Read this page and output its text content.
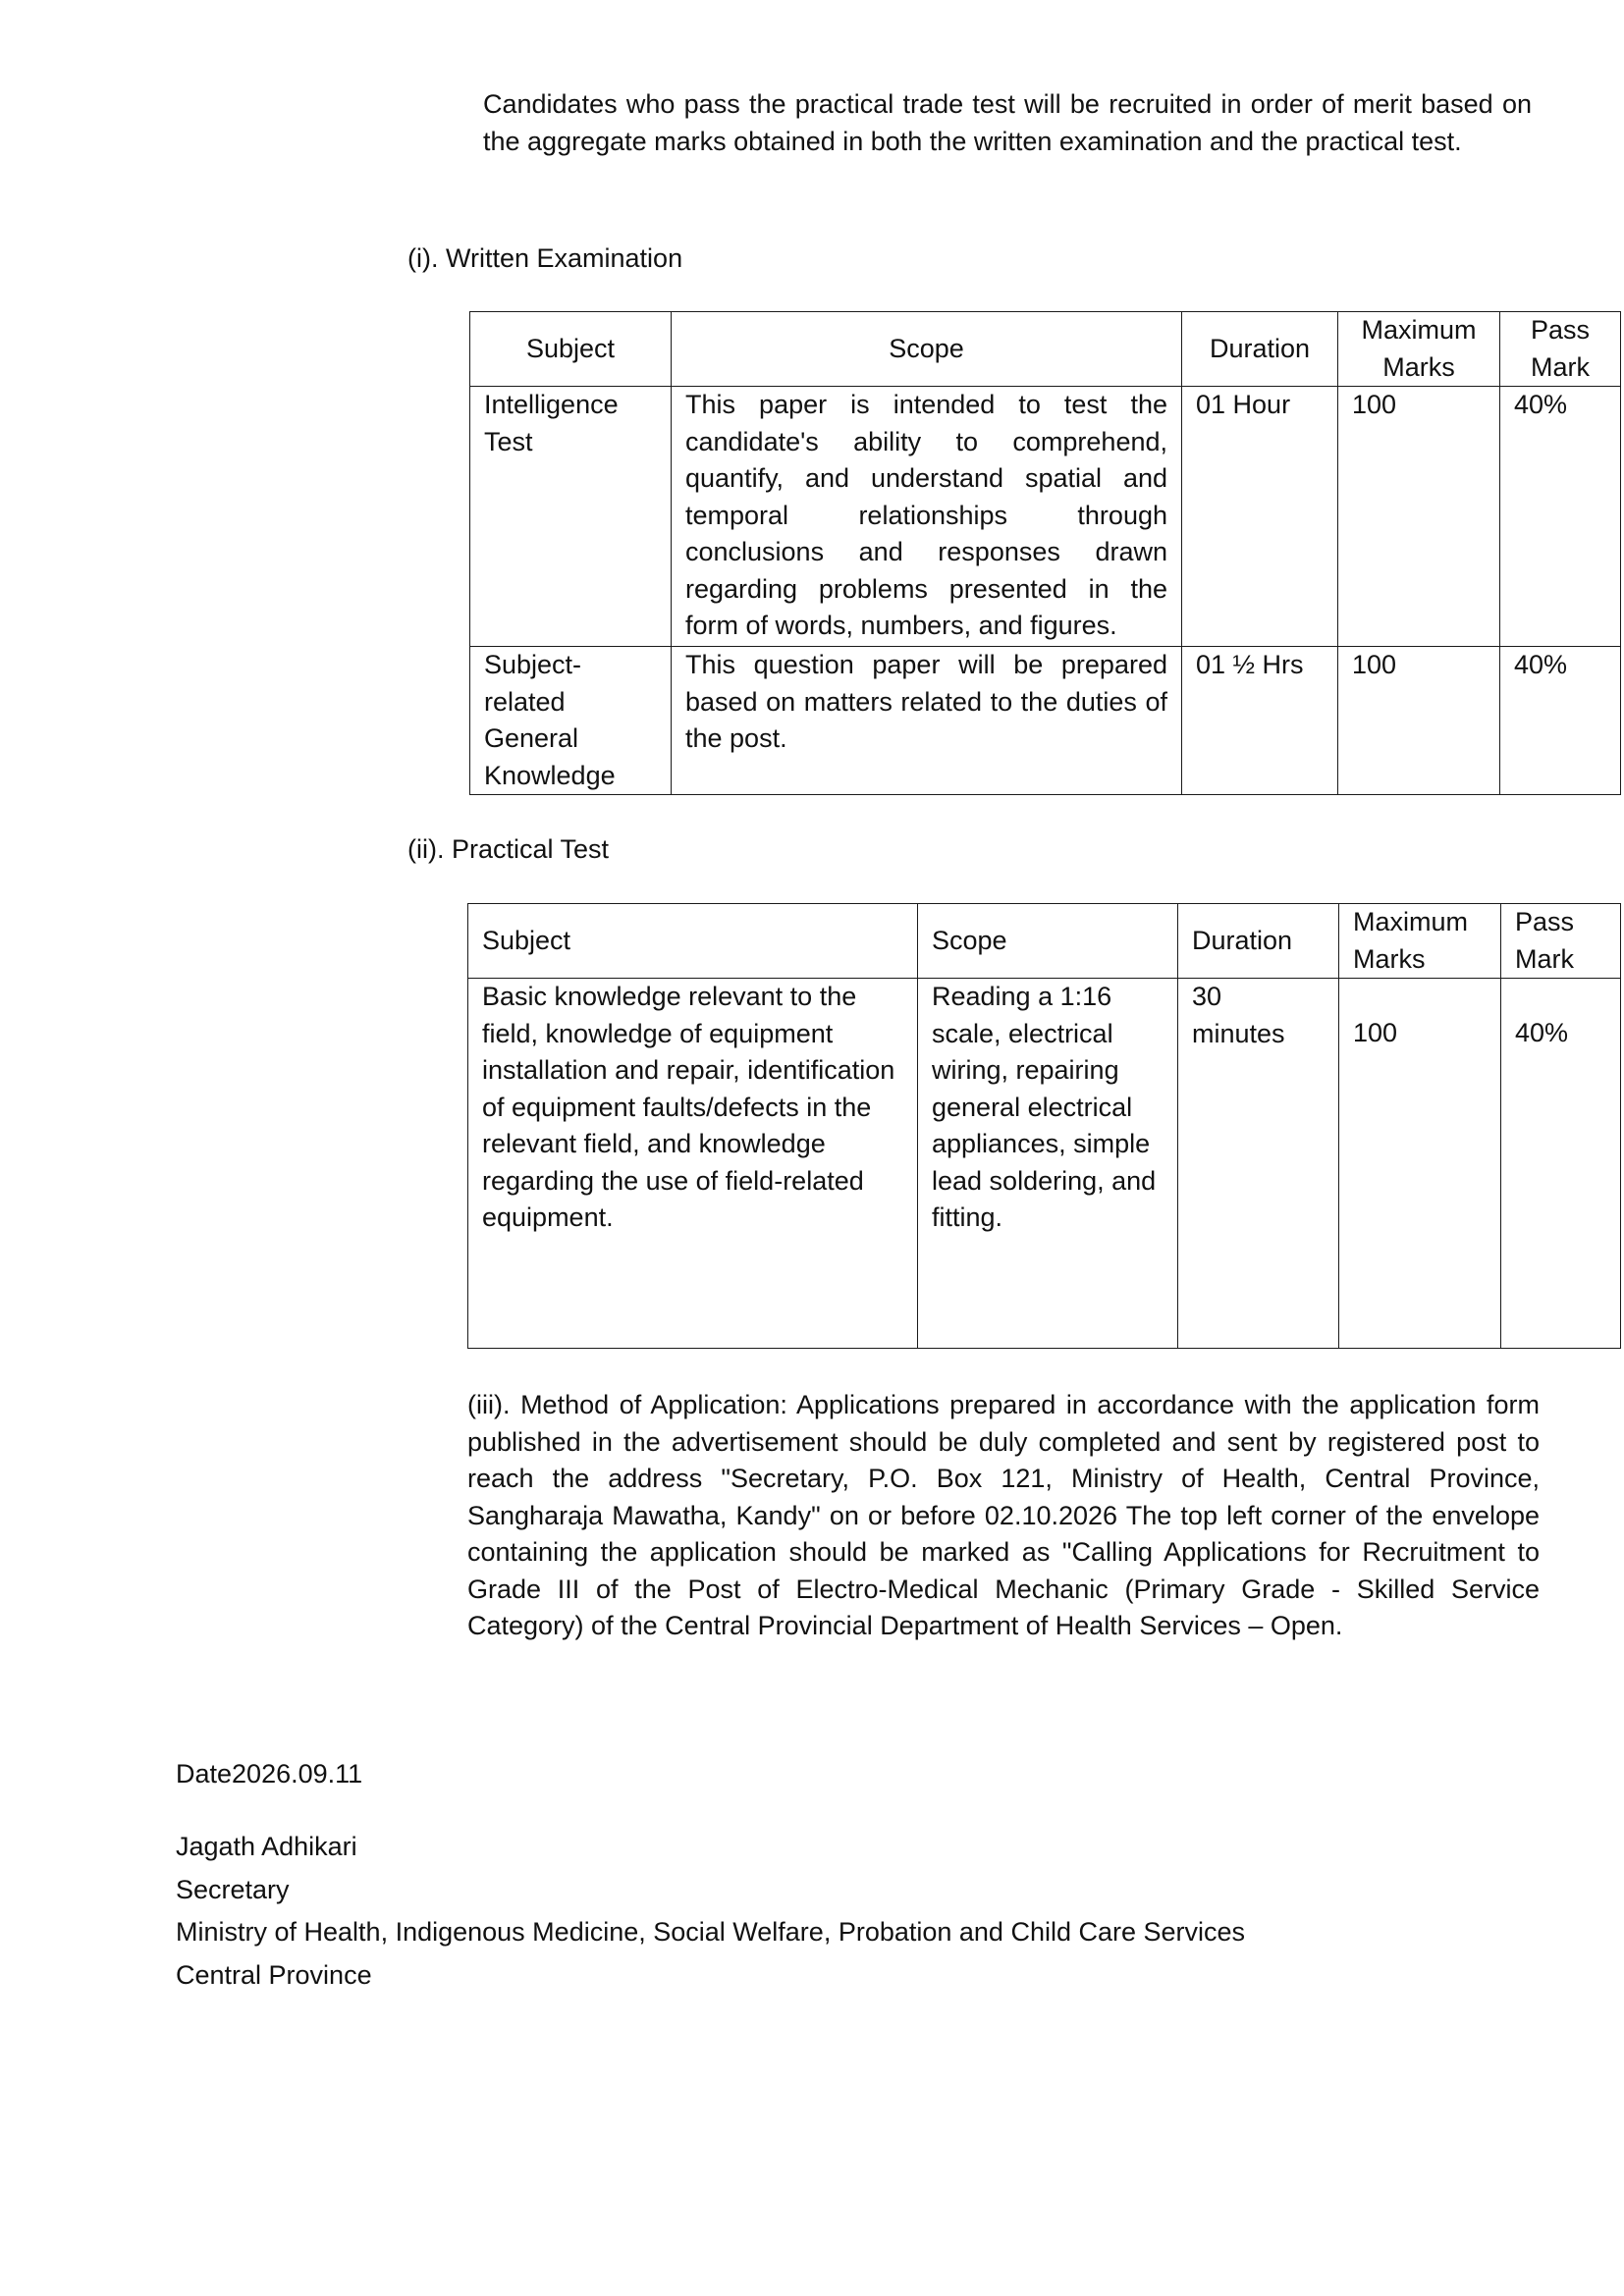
Candidates who pass the practical trade test will be recruited in order of merit based on the aggregate marks obtained in both the written examination and the practical test.
(i). Written Examination
Subject	Scope	Duration	Maximum Marks	Pass Mark
Intelligence Test	This paper is intended to test the candidate's ability to comprehend, quantify, and understand spatial and temporal relationships through conclusions and responses drawn regarding problems presented in the form of words, numbers, and figures.	01 Hour	100	40%
Subject-related General Knowledge	This question paper will be prepared based on matters related to the duties of the post.	01 ½ Hrs	100	40%
(ii). Practical Test
Subject	Scope	Duration	Maximum Marks	Pass Mark
Basic knowledge relevant to the field, knowledge of equipment installation and repair, identification of equipment faults/defects in the relevant field, and knowledge regarding the use of field-related equipment.	Reading a 1:16 scale, electrical wiring, repairing general electrical appliances, simple lead soldering, and fitting.	30 minutes	100	40%
(iii). Method of Application: Applications prepared in accordance with the application form published in the advertisement should be duly completed and sent by registered post to reach the address "Secretary, P.O. Box 121, Ministry of Health, Central Province, Sangharaja Mawatha, Kandy" on or before 02.10.2026 The top left corner of the envelope containing the application should be marked as "Calling Applications for Recruitment to Grade III of the Post of Electro-Medical Mechanic (Primary Grade - Skilled Service Category) of the Central Provincial Department of Health Services – Open.
Date2026.09.11
Jagath Adhikari
Secretary
Ministry of Health, Indigenous Medicine, Social Welfare, Probation and Child Care Services
Central Province
